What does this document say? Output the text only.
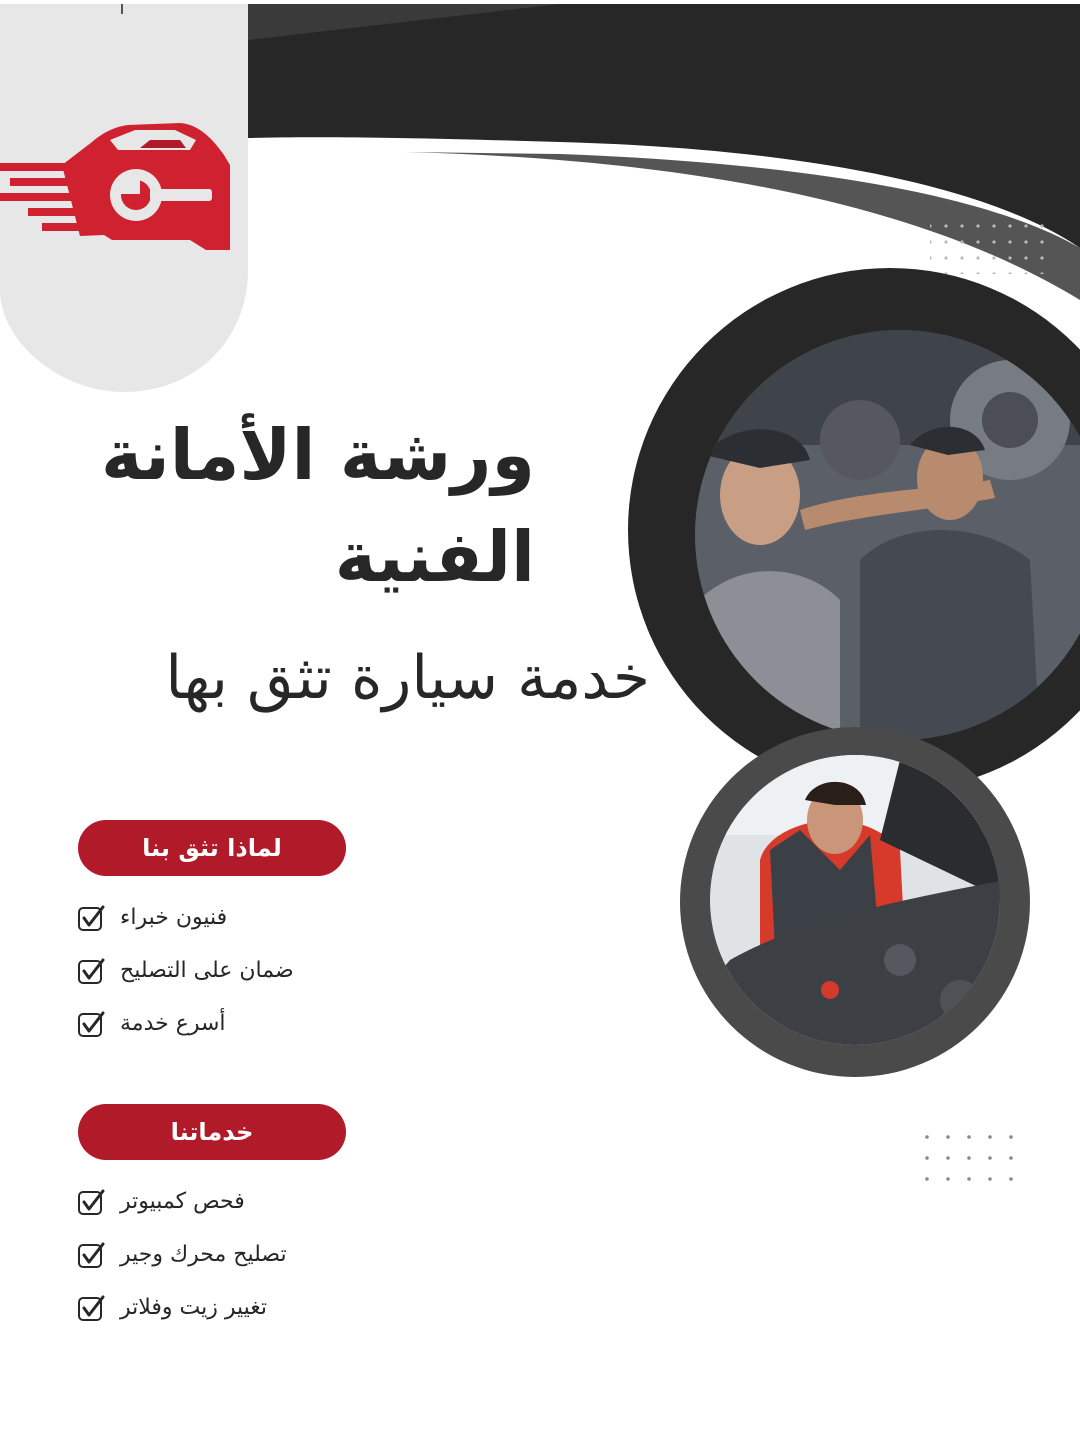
ورشة الأمانة
الفنية
خدمة سيارة تثق بها
لماذا تثق بنا
فنيون خبراء
ضمان على التصليح
أسرع خدمة
خدماتنا
فحص كمبيوتر
تصليح محرك وجير
تغيير زيت وفلاتر
